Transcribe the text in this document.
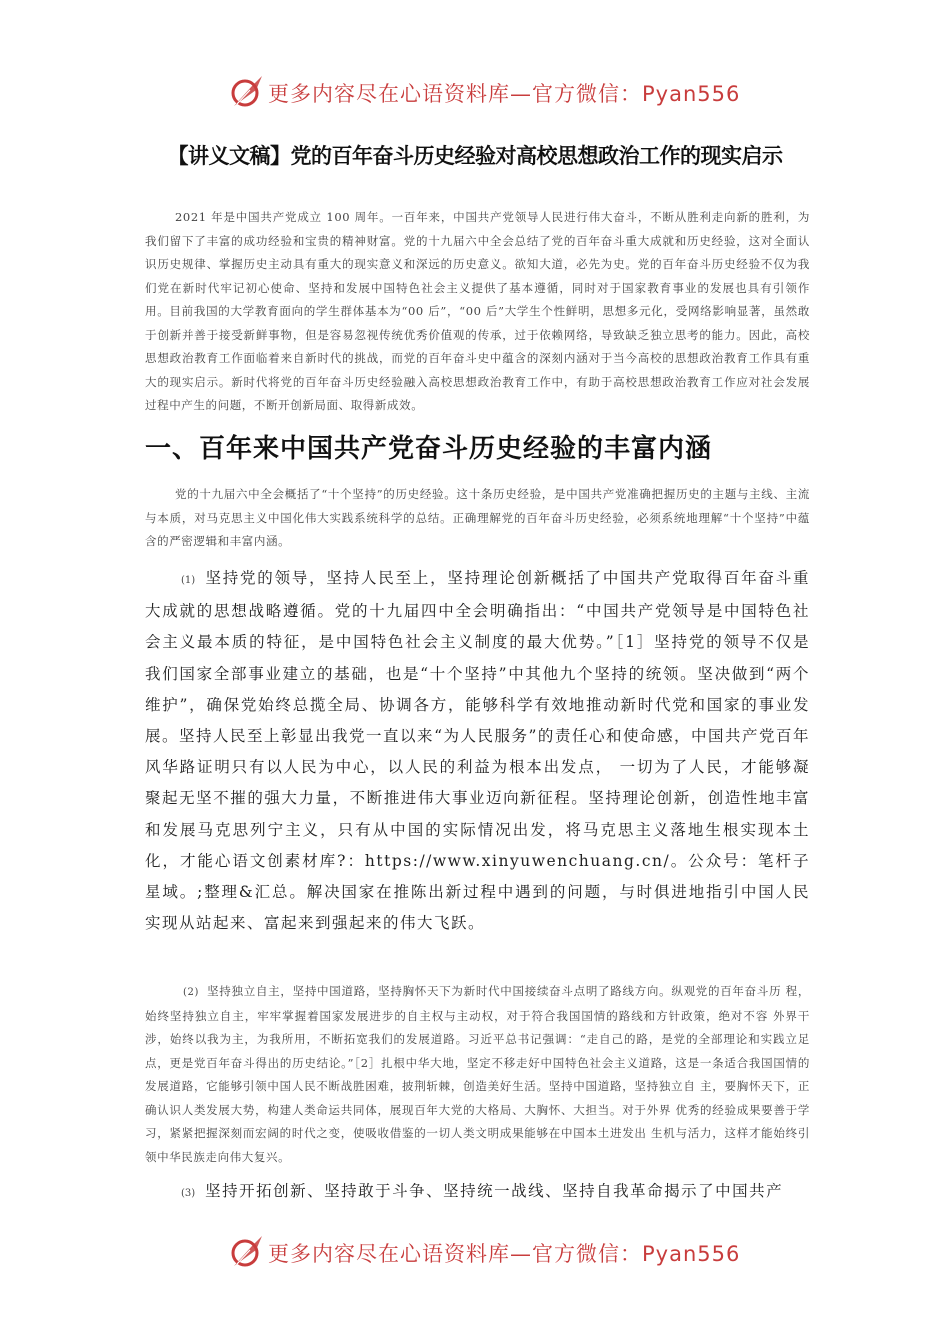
更多内容尽在心语资料库—官方微信：Pyan556
【讲义文稿】党的百年奋斗历史经验对高校思想政治工作的现实启示

2021 年是中国共产党成立 100 周年。一百年来，中国共产党领导人民进行伟大奋斗，不断从胜利走向新的胜利，为我们留下了丰富的成功经验和宝贵的精神财富。党的十九届六中全会总结了党的百年奋斗重大成就和历史经验，这对全面认识历史规律、掌握历史主动具有重大的现实意义和深远的历史意义。欲知大道，必先为史。党的百年奋斗历史经验不仅为我们党在新时代牢记初心使命、坚持和发展中国特色社会主义提供了基本遵循，同时对于国家教育事业的发展也具有引领作用。目前我国的大学教育面向的学生群体基本为“00 后”，“00 后”大学生个性鲜明，思想多元化，受网络影响显著，虽然敢于创新并善于接受新鲜事物，但是容易忽视传统优秀价值观的传承，过于依赖网络，导致缺乏独立思考的能力。因此，高校思想政治教育工作面临着来自新时代的挑战，而党的百年奋斗史中蕴含的深刻内涵对于当今高校的思想政治教育工作具有重大的现实启示。新时代将党的百年奋斗历史经验融入高校思想政治教育工作中，有助于高校思想政治教育工作应对社会发展过程中产生的问题，不断开创新局面、取得新成效。

一、百年来中国共产党奋斗历史经验的丰富内涵

党的十九届六中全会概括了“十个坚持”的历史经验。这十条历史经验，是中国共产党准确把握历史的主题与主线、主流与本质，对马克思主义中国化伟大实践系统科学的总结。正确理解党的百年奋斗历史经验，必须系统地理解“十个坚持”中蕴含的严密逻辑和丰富内涵。

(1) 坚持党的领导，坚持人民至上，坚持理论创新概括了中国共产党取得百年奋斗重大成就的思想战略遵循。党的十九届四中全会明确指出：“中国共产党领导是中国特色社会主义最本质的特征，是中国特色社会主义制度的最大优势。”［1］坚持党的领导不仅是我们国家全部事业建立的基础，也是“十个坚持”中其他九个坚持的统领。坚决做到“两个维护”，确保党始终总揽全局、协调各方，能够科学有效地推动新时代党和国家的事业发展。坚持人民至上彰显出我党一直以来“为人民服务”的责任心和使命感，中国共产党百年风华路证明只有以人民为中心，以人民的利益为根本出发点， 一切为了人民，才能够凝聚起无坚不摧的强大力量，不断推进伟大事业迈向新征程。坚持理论创新，创造性地丰富和发展马克思列宁主义，只有从中国的实际情况出发，将马克思主义落地生根实现本土化，才能心语文创素材库?：https://www.xinyuwenchuang.cn/。公众号：笔杆子星域。;整理&汇总。解决国家在推陈出新过程中遇到的问题，与时俱进地指引中国人民实现从站起来、富起来到强起来的伟大飞跃。

(2) 坚持独立自主，坚持中国道路，坚持胸怀天下为新时代中国接续奋斗点明了路线方向。纵观党的百年奋斗历 程，始终坚持独立自主，牢牢掌握着国家发展进步的自主权与主动权，对于符合我国国情的路线和方针政策，绝对不容 外界干涉，始终以我为主，为我所用，不断拓宽我们的发展道路。习近平总书记强调：“走自己的路，是党的全部理论和实践立足点，更是党百年奋斗得出的历史结论。”［2］扎根中华大地，坚定不移走好中国特色社会主义道路，这是一条适合我国国情的发展道路，它能够引领中国人民不断战胜困难，披荆斩棘，创造美好生活。坚持中国道路，坚持独立自 主，要胸怀天下，正确认识人类发展大势，构建人类命运共同体，展现百年大党的大格局、大胸怀、大担当。对于外界 优秀的经验成果要善于学习，紧紧把握深刻而宏阔的时代之变，使吸收借鉴的一切人类文明成果能够在中国本土进发出 生机与活力，这样才能始终引领中华民族走向伟大复兴。

(3) 坚持开拓创新、坚持敢于斗争、坚持统一战线、坚持自我革命揭示了中国共产

更多内容尽在心语资料库—官方微信：Pyan556
